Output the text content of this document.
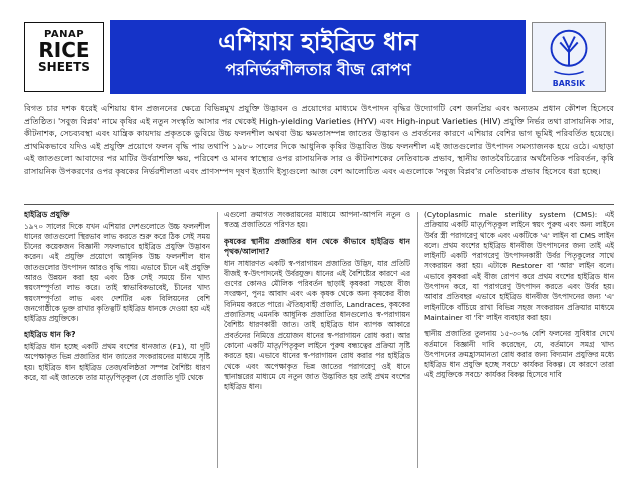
PANAP
RICE
SHEETS
এশিয়ায় হাইব্রিড ধান
পরনির্ভরশীলতার বীজ রোপণ
BARSIK
বিগত চার দশক ধরেই এশিয়ায় ধান প্রজননের ক্ষেত্রে বিভিন্নমুখ প্রযুক্তি উদ্ভাবন ও প্রয়োগের মাধ্যমে উৎপাদন বৃদ্ধির উদ্যোগটি বেশ জনপ্রিয় এবং অন্যতম প্রধান কৌশল হিসেবে প্রতিষ্ঠিত। 'সবুজ বিপ্লব' নামে কৃষির এই নতুন সংস্কৃতি আসার পর থেকেই High-yielding Varieties (HYV) এবং High-input Varieties (HIV) প্রযুক্তি নির্ভর তথা রাসায়নিক সার, কীটনাশক, সেচব্যবস্থা এবং যান্ত্রিক কায়দায় প্রকৃতকে ডুবিয়ে উচ্চ ফলনশীল অথবা উচ্চ ক্ষমতাসম্পন্ন জাতের উদ্ভাবন ও প্রবর্তনের কারণে এশিয়ার বেশির ভাগ ভূমিই পরিবর্তিত হয়েছে। প্রাথমিকভাবে যদিও এই প্রযুক্তি প্রয়োগে ফলন বৃদ্ধি পায় তথাপি ১৯৮০ সালের দিকে আধুনিক কৃষির উদ্ভাবিত উচ্চ ফলনশীল এই জাতগুলোর উৎপাদন সমস্যাজনক হয়ে ওঠে। এছাড়া এই জাতগুলো আবাদের পর মাটির উর্বরাশক্তি ক্ষয়, পরিবেশ ও মানব স্বাস্থ্যের ওপর রাসায়নিক সার ও কীটনাশকের নেতিবাচক প্রভাব, স্থানীয় জাতবৈচিত্র্যের অর্থনৈতিক পরিবর্তন, কৃষি রাসায়নিক উপকরণের ওপর কৃষকের নির্ভরশীলতা এবং প্রাণসম্পদ দূষণ ইত্যাদি ইস্যুগুলো আজ বেশ আলোচিত এবং এগুলোকে 'সবুজ বিপ্লব'র নেতিবাচক প্রভাব হিসেবে ধরা হচ্ছে।
হাইব্রিড প্রযুক্তি

১৯৭০ সালের দিকে যখন এশিয়ার দেশগুলোতে উচ্চ ফলনশীল ধানের জাতগুলো স্থিরভাব লাভ করতে শুরু করে ঠিক সেই সময় চীনের কয়েকজন বিজ্ঞানী সফলভাবে হাইব্রিড প্রযুক্তি উদ্ভাবন করেন। এই প্রযুক্তি প্রয়োগে আধুনিক উচ্চ ফলনশীল ধান জাতগুলোর উৎপাদন আরও বৃদ্ধি পায়। এভাবে চীনে এই প্রযুক্তি আরও উন্নয়ন করা হয় এবং ঠিক সেই সময়ে চীন খাদ্য স্বয়ংসম্পূর্ণতা লাভ করে। তাই স্বাভাবিকভাবেই, চীনের খাদ্য স্বয়ংসম্পূর্ণতা লাভ এবং দেশটির এক বিলিয়নের বেশি জনগোষ্ঠীকে ভুক্ত রাখার কৃতিত্বটি হাইব্রিড ধানকে দেওয়া হয় এই হাইব্রিড প্রযুক্তিকে।

হাইব্রিড ধান কি?

হাইব্রিড ধান হচ্ছে একটি প্রথম বংশের ধানজাত (F1), যা দুটি অপেক্ষাকৃত ভিন্ন প্রজাতির ধান জাতের সংকরায়নের মাধ্যমে সৃষ্টি হয়। হাইব্রিড ধান হাইব্রিড তেজ/বলিষ্ঠতা সম্পন্ন বৈশিষ্ট্য ধারণ করে, যা এই জাতকে তার মাতৃ/পিতৃকুল (যে প্রজাতি দুটি থেকে

এগুলো ক্রমাগত সংকরায়নের মাধ্যমে আপনা-আপনি নতুন ও স্বতন্ত্র প্রজাতিতে পরিণত হয়।

কৃষকের স্থানীয় প্রজাতির ধান থেকে কীভাবে হাইব্রিড ধান পৃথক/আলাদা?

ধান সাধারণত একটি স্ব-পরাগায়ন প্রজাতির উদ্ভিদ, যার প্রতিটি বীজই স্ব-উৎপাদনেই উর্বরযুক্ত। ধানের এই বৈশিষ্ট্যের কারণে এর গুণের কোনও মৌলিক পরিবর্তন ছাড়াই কৃষকরা সহজে বীজ সংরক্ষণ, পুনঃ আবাদ এবং এক কৃষক থেকে অন্য কৃষকের বীজ বিনিময় করতে পারে। ঐতিহ্যবাহী প্রজাতি, Landraces, কৃষকের প্রজাতিসহ এমনকি আধুনিক প্রজাতির ধানগুলোও স্ব-পরাগায়ন বৈশিষ্ট্য ধারণকারী জাত। তাই হাইব্রিড ধান ব্যাপক আকারে প্রবর্তনের নিমিত্তে প্রয়োজন ধানের স্ব-পরাগায়ন রোধ করা। আর কোনো একটি মাতৃ/পিতৃকুল লাইনে পুরুষ বন্ধ্যত্বের প্রক্রিয়া সৃষ্টি করতে হয়। এভাবে ধানের স্ব-পরাগায়ন রোধ করার পর হাইব্রিড থেকে এবং অপেক্ষাকৃত ভিন্ন জাতের পরাগরেণু ওই ধানে স্থানান্তরের মাধ্যমে যে নতুন জাত উদ্ভাবিত হয় তাই প্রথম বংশের হাইব্রিড ধান।

(Cytoplasmic male sterility system (CMS): এই প্রক্রিয়ায় একটি মাতৃ/পিতৃকুল লাইনে স্বয়ং পুরুষ এবং অন্য লাইনে উর্বর স্ত্রী পরাগরেণু থাকে এবং একটিকে 'এ' লাইন বা CMS লাইন বলে। প্রথম বংশের হাইব্রিড ধানবীজ উৎপাদনের জন্য তাই এই লাইনটি একটি পরাগরেণু উৎপাদনকারী উর্বর পিতৃকুলের সাথে সংকরায়ন করা হয়। এটাকে Restorer বা 'আর' লাইন বলে। এভাবে কৃষকরা এই বীজ রোপণ করে প্রথম বংশের হাইব্রিড ধান উৎপাদন করে, যা পরাগরেণু উৎপাদন করতে এবং উর্বর হয়। আবার প্রতিবছর এভাবে হাইব্রিড ধানবীজ উৎপাদনের জন্য 'এ' লাইনটিকে বাঁচিয়ে রাখা বিভিন্ন সহজ সংকরায়ন প্রক্রিয়ার মাধ্যমে Maintainer বা 'বি' লাইন ব্যবহার করা হয়।

স্থানীয় প্রজাতির তুলনায় ১৫-৩০% বেশি ফলনের সুবিধার দেখে বর্তমানে বিজ্ঞানী দাবি করেছেন, যে, বর্তমানে সমগ্র খাদ্য উৎপাদনের ক্রমহ্রাসমানতা রোধ করার জন্য বিদ্যমান প্রযুক্তির মধ্যে হাইব্রিড ধান প্রযুক্তি হচ্ছে সবচে' কার্যকর বিকল্প। যে কারণে তারা এই প্রযুক্তিকে সবচে' কার্যকর বিকল্প হিসেবে দাবি
